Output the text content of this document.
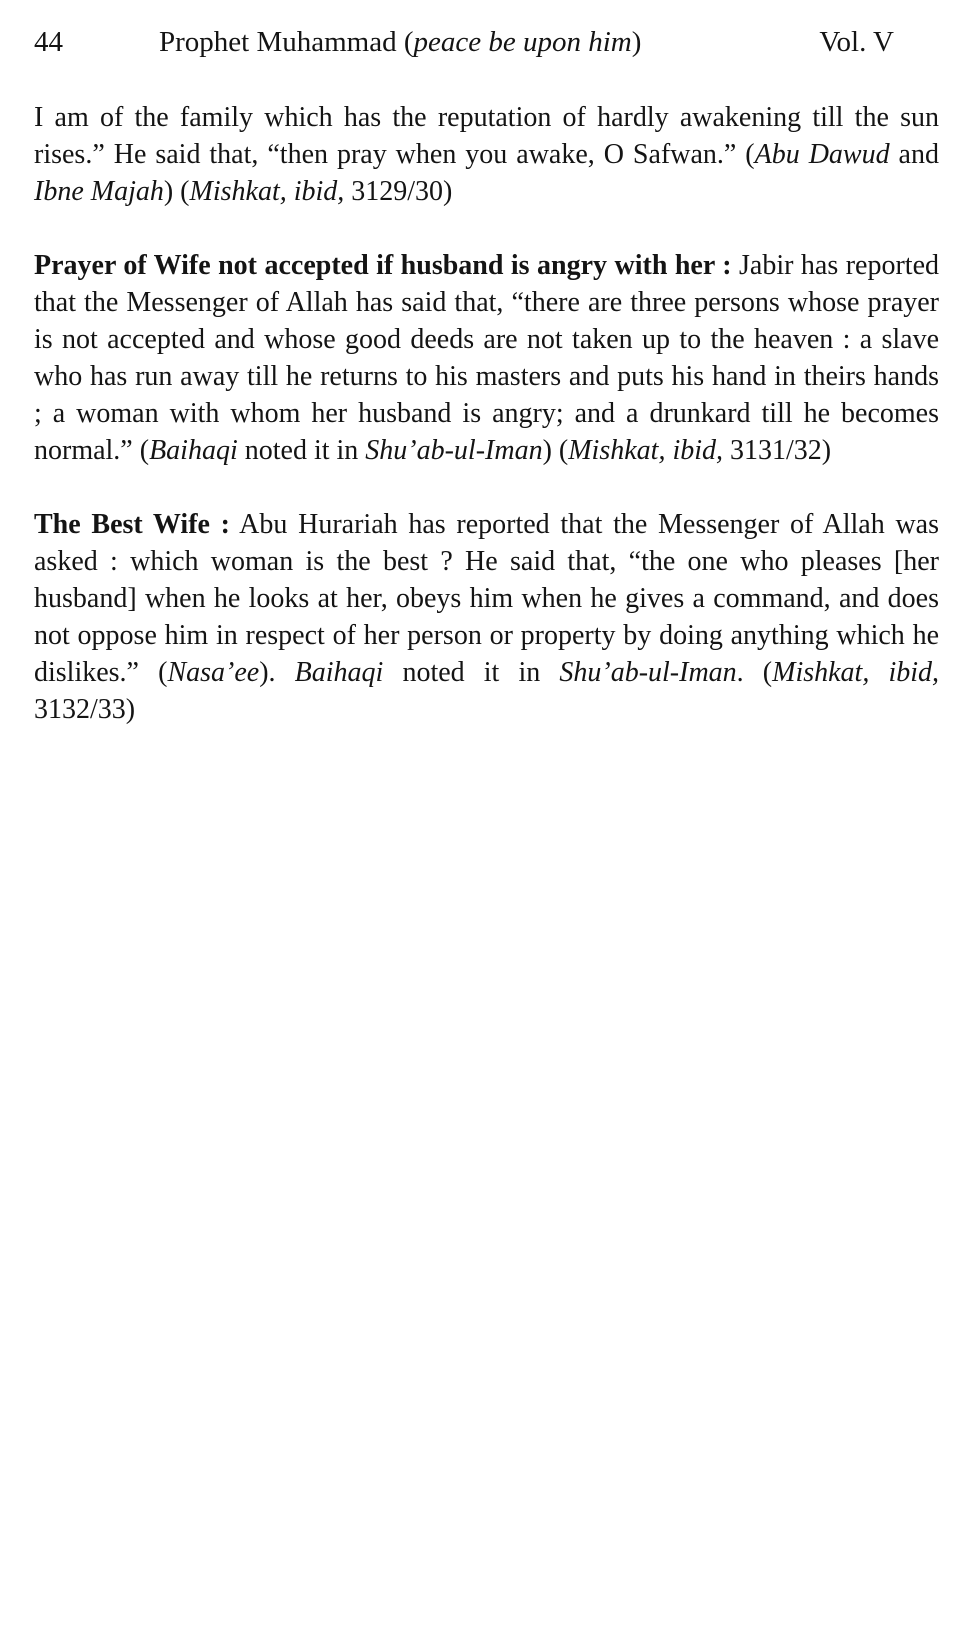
44	Prophet Muhammad (peace be upon him)	Vol. V

I am of the family which has the reputation of hardly awakening till the sun rises.” He said that, “then pray when you awake, O Safwan.” (Abu Dawud and Ibne Majah) (Mishkat, ibid, 3129/30)

Prayer of Wife not accepted if husband is angry with her : Jabir has reported that the Messenger of Allah has said that, “there are three persons whose prayer is not accepted and whose good deeds are not taken up to the heaven : a slave who has run away till he returns to his masters and puts his hand in theirs hands ; a woman with whom her husband is angry; and a drunkard till he becomes normal.” (Baihaqi noted it in Shu’ab-ul-Iman) (Mishkat, ibid, 3131/32)

The Best Wife : Abu Hurariah has reported that the Messenger of Allah was asked : which woman is the best ? He said that, “the one who pleases [her husband] when he looks at her, obeys him when he gives a command, and does not oppose him in respect of her person or property by doing anything which he dislikes.” (Nasa’ee). Baihaqi noted it in Shu’ab-ul-Iman. (Mishkat, ibid, 3132/33)
